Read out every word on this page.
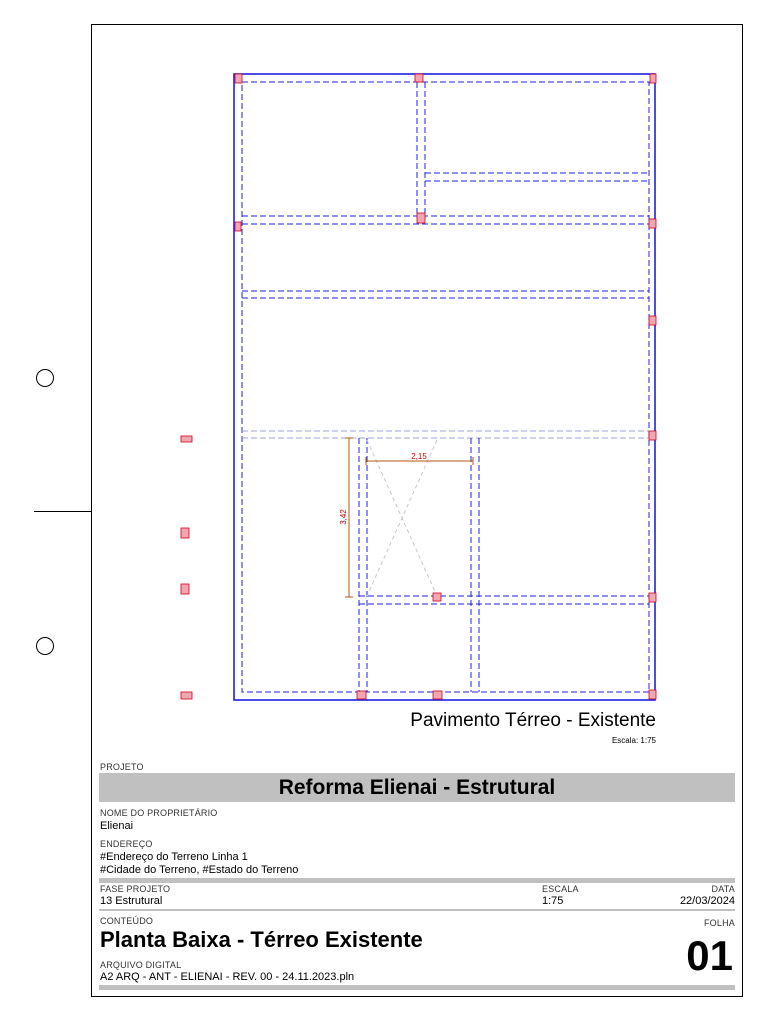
2,15
3,42
Pavimento Térreo - Existente
Escala: 1:75
PROJETO
Reforma Elienai - Estrutural
NOME DO PROPRIETÁRIO
Elienai
ENDEREÇO
#Endereço do Terreno Linha 1
#Cidade do Terreno, #Estado do Terreno
FASE PROJETO
13 Estrutural
ESCALA
1:75
DATA
22/03/2024
CONTEÚDO
Planta Baixa - Térreo Existente
FOLHA
01
ARQUIVO DIGITAL
A2 ARQ - ANT - ELIENAI - REV. 00 - 24.11.2023.pln
